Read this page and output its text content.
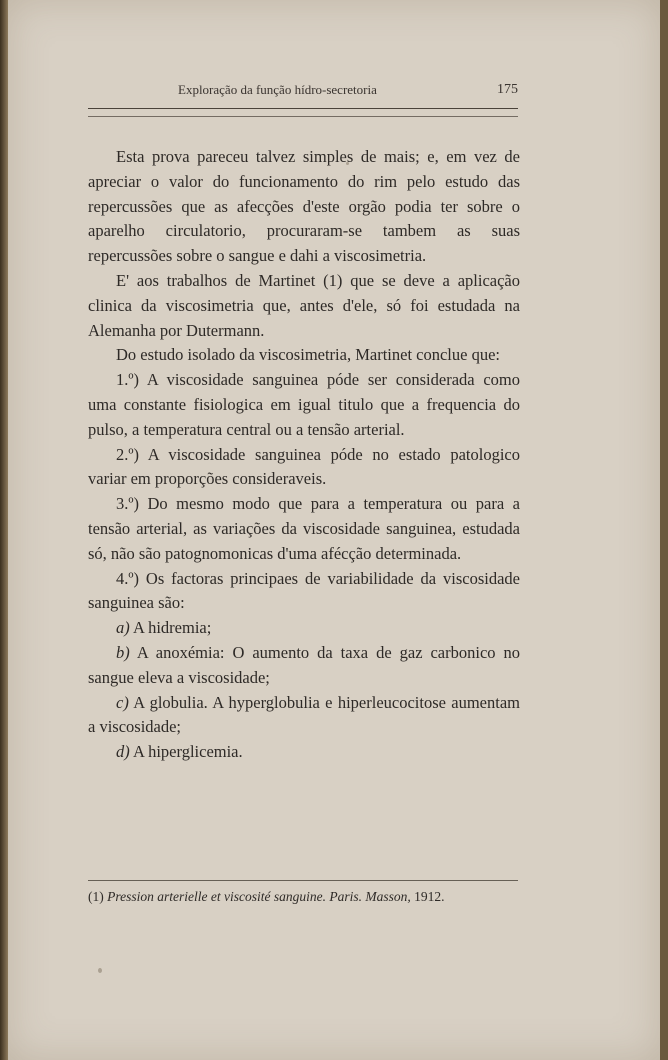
Exploração da função hídro-secretoria	175

Esta prova pareceu talvez simples de mais; e, em vez de apreciar o valor do funcionamento do rim pelo estudo das repercussões que as afecções d'este orgão podia ter sobre o aparelho circulatorio, procuraram-se tambem as suas repercussões sobre o sangue e dahi a viscosimetria.

E' aos trabalhos de Martinet (1) que se deve a aplicação clinica da viscosimetria que, antes d'ele, só foi estudada na Alemanha por Dutermann.

Do estudo isolado da viscosimetria, Martinet conclue que:

1.º) A viscosidade sanguinea póde ser considerada como uma constante fisiologica em igual titulo que a frequencia do pulso, a temperatura central ou a tensão arterial.

2.º) A viscosidade sanguinea póde no estado patologico variar em proporções consideraveis.

3.º) Do mesmo modo que para a temperatura ou para a tensão arterial, as variações da viscosidade sanguinea, estudada só, não são patognomonicas d'uma afécção determinada.

4.º) Os factoras principaes de variabilidade da viscosidade sanguinea são:

a) A hidremia;

b) A anoxémia: O aumento da taxa de gaz carbonico no sangue eleva a viscosidade;

c) A globulia. A hyperglobulia e hiperleucocitose aumentam a viscosidade;

d) A hiperglicemia.

(1) Pression arterielle et viscosité sanguine. Paris. Masson, 1912.
